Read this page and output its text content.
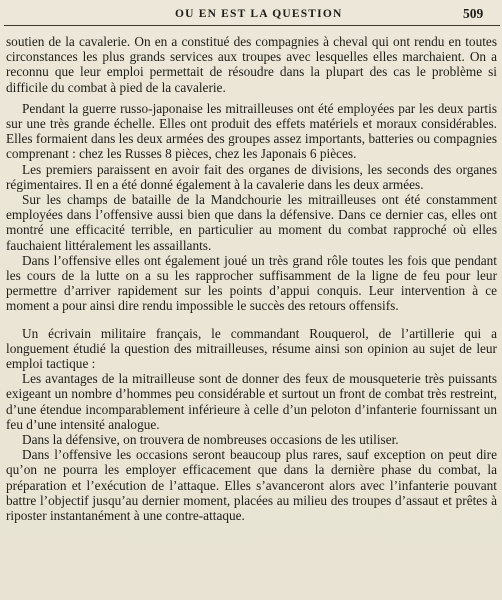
OU EN EST LA QUESTION	509

soutien de la cavalerie. On en a constitué des compagnies à cheval qui ont rendu en toutes circonstances les plus grands services aux troupes avec lesquelles elles marchaient. On a reconnu que leur emploi permettait de résoudre dans la plupart des cas le problème si difficile du combat à pied de la cavalerie.

Pendant la guerre russo-japonaise les mitrailleuses ont été employées par les deux partis sur une très grande échelle. Elles ont produit des effets matériels et moraux considérables. Elles formaient dans les deux armées des groupes assez importants, batteries ou compagnies comprenant : chez les Russes 8 pièces, chez les Japonais 6 pièces.

Les premiers paraissent en avoir fait des organes de divisions, les seconds des organes régimentaires. Il en a été donné également à la cavalerie dans les deux armées.

Sur les champs de bataille de la Mandchourie les mitrailleuses ont été constamment employées dans l’offensive aussi bien que dans la défensive. Dans ce dernier cas, elles ont montré une efficacité terrible, en particulier au moment du combat rapproché où elles fauchaient littéralement les assaillants.

Dans l’offensive elles ont également joué un très grand rôle toutes les fois que pendant les cours de la lutte on a su les rapprocher suffisamment de la ligne de feu pour leur permettre d’arriver rapidement sur les points d’appui conquis. Leur intervention à ce moment a pour ainsi dire rendu impossible le succès des retours offensifs.

Un écrivain militaire français, le commandant Rouquerol, de l’artillerie qui a longuement étudié la question des mitrailleuses, résume ainsi son opinion au sujet de leur emploi tactique :

Les avantages de la mitrailleuse sont de donner des feux de mousqueterie très puissants exigeant un nombre d’hommes peu considérable et surtout un front de combat très restreint, d’une étendue incomparablement inférieure à celle d’un peloton d’infanterie fournissant un feu d’une intensité analogue.

Dans la défensive, on trouvera de nombreuses occasions de les utiliser.

Dans l’offensive les occasions seront beaucoup plus rares, sauf exception on peut dire qu’on ne pourra les employer efficacement que dans la dernière phase du combat, la préparation et l’exécution de l’attaque. Elles s’avanceront alors avec l’infanterie pouvant battre l’objectif jusqu’au dernier moment, placées au milieu des troupes d’assaut et prêtes à riposter instantanément à une contre-attaque.
